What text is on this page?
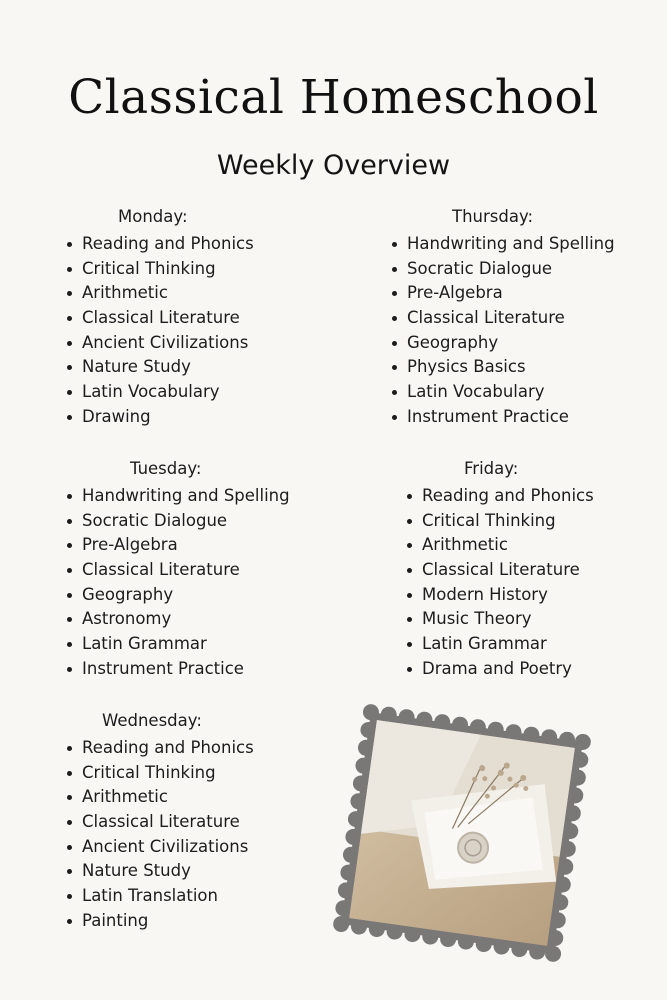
Classical Homeschool
Weekly Overview
Monday:
Reading and Phonics
Critical Thinking
Arithmetic
Classical Literature
Ancient Civilizations
Nature Study
Latin Vocabulary
Drawing
Tuesday:
Handwriting and Spelling
Socratic Dialogue
Pre-Algebra
Classical Literature
Geography
Astronomy
Latin Grammar
Instrument Practice
Wednesday:
Reading and Phonics
Critical Thinking
Arithmetic
Classical Literature
Ancient Civilizations
Nature Study
Latin Translation
Painting
Thursday:
Handwriting and Spelling
Socratic Dialogue
Pre-Algebra
Classical Literature
Geography
Physics Basics
Latin Vocabulary
Instrument Practice
Friday:
Reading and Phonics
Critical Thinking
Arithmetic
Classical Literature
Modern History
Music Theory
Latin Grammar
Drama and Poetry
